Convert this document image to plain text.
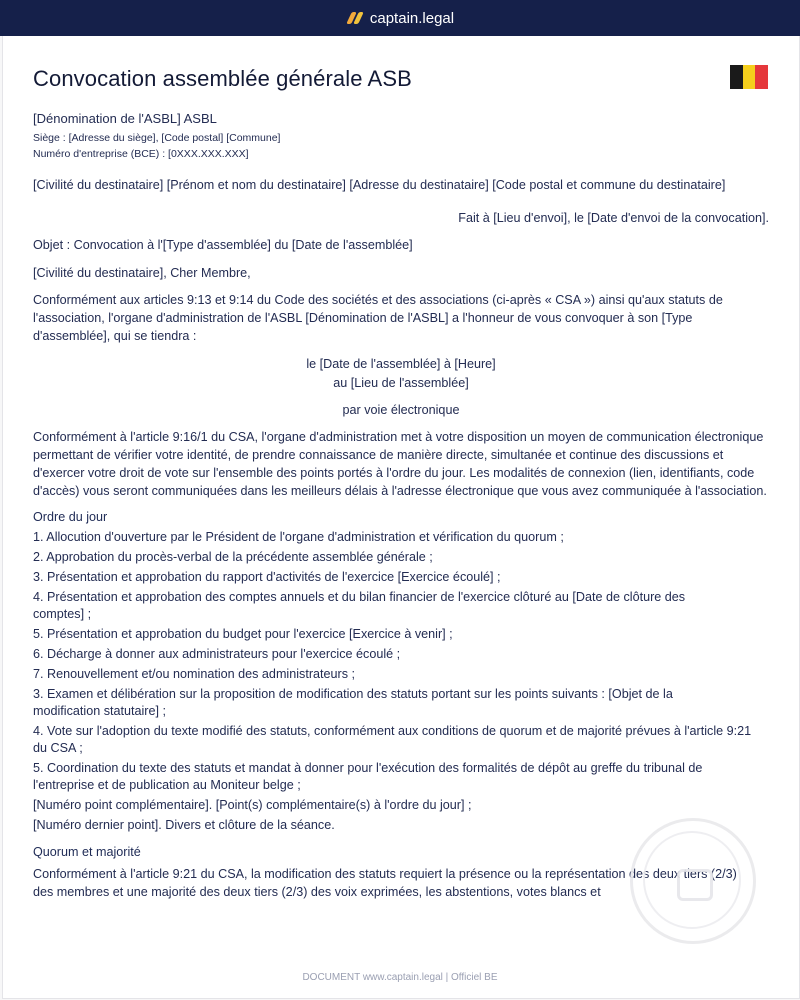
captain.legal
Convocation assemblée générale ASB

[Dénomination de l'ASBL] ASBL

Siège : [Adresse du siège], [Code postal] [Commune]

Numéro d'entreprise (BCE) : [0XXX.XXX.XXX]

[Civilité du destinataire] [Prénom et nom du destinataire] [Adresse du destinataire] [Code postal et commune du destinataire]

Fait à [Lieu d'envoi], le [Date d'envoi de la convocation].

Objet : Convocation à l'[Type d'assemblée] du [Date de l'assemblée]

[Civilité du destinataire], Cher Membre,

Conformément aux articles 9:13 et 9:14 du Code des sociétés et des associations (ci-après « CSA ») ainsi qu'aux statuts de l'association, l'organe d'administration de l'ASBL [Dénomination de l'ASBL] a l'honneur de vous convoquer à son [Type d'assemblée], qui se tiendra :

le [Date de l'assemblée] à [Heure]

au [Lieu de l'assemblée]

par voie électronique

Conformément à l'article 9:16/1 du CSA, l'organe d'administration met à votre disposition un moyen de communication électronique permettant de vérifier votre identité, de prendre connaissance de manière directe, simultanée et continue des discussions et d'exercer votre droit de vote sur l'ensemble des points portés à l'ordre du jour. Les modalités de connexion (lien, identifiants, code d'accès) vous seront communiquées dans les meilleurs délais à l'adresse électronique que vous avez communiquée à l'association.

Ordre du jour

1. Allocution d'ouverture par le Président de l'organe d'administration et vérification du quorum ;

2. Approbation du procès-verbal de la précédente assemblée générale ;

3. Présentation et approbation du rapport d'activités de l'exercice [Exercice écoulé] ;

4. Présentation et approbation des comptes annuels et du bilan financier de l'exercice clôturé au [Date de clôture des comptes] ;

5. Présentation et approbation du budget pour l'exercice [Exercice à venir] ;

6. Décharge à donner aux administrateurs pour l'exercice écoulé ;

7. Renouvellement et/ou nomination des administrateurs ;

3. Examen et délibération sur la proposition de modification des statuts portant sur les points suivants : [Objet de la modification statutaire] ;

4. Vote sur l'adoption du texte modifié des statuts, conformément aux conditions de quorum et de majorité prévues à l'article 9:21 du CSA ;

5. Coordination du texte des statuts et mandat à donner pour l'exécution des formalités de dépôt au greffe du tribunal de l'entreprise et de publication au Moniteur belge ;

[Numéro point complémentaire]. [Point(s) complémentaire(s) à l'ordre du jour] ;

[Numéro dernier point]. Divers et clôture de la séance.

Quorum et majorité

Conformément à l'article 9:21 du CSA, la modification des statuts requiert la présence ou la représentation des deux tiers (2/3) des membres et une majorité des deux tiers (2/3) des voix exprimées, les abstentions, votes blancs et

DOCUMENT www.captain.legal | Officiel BE
